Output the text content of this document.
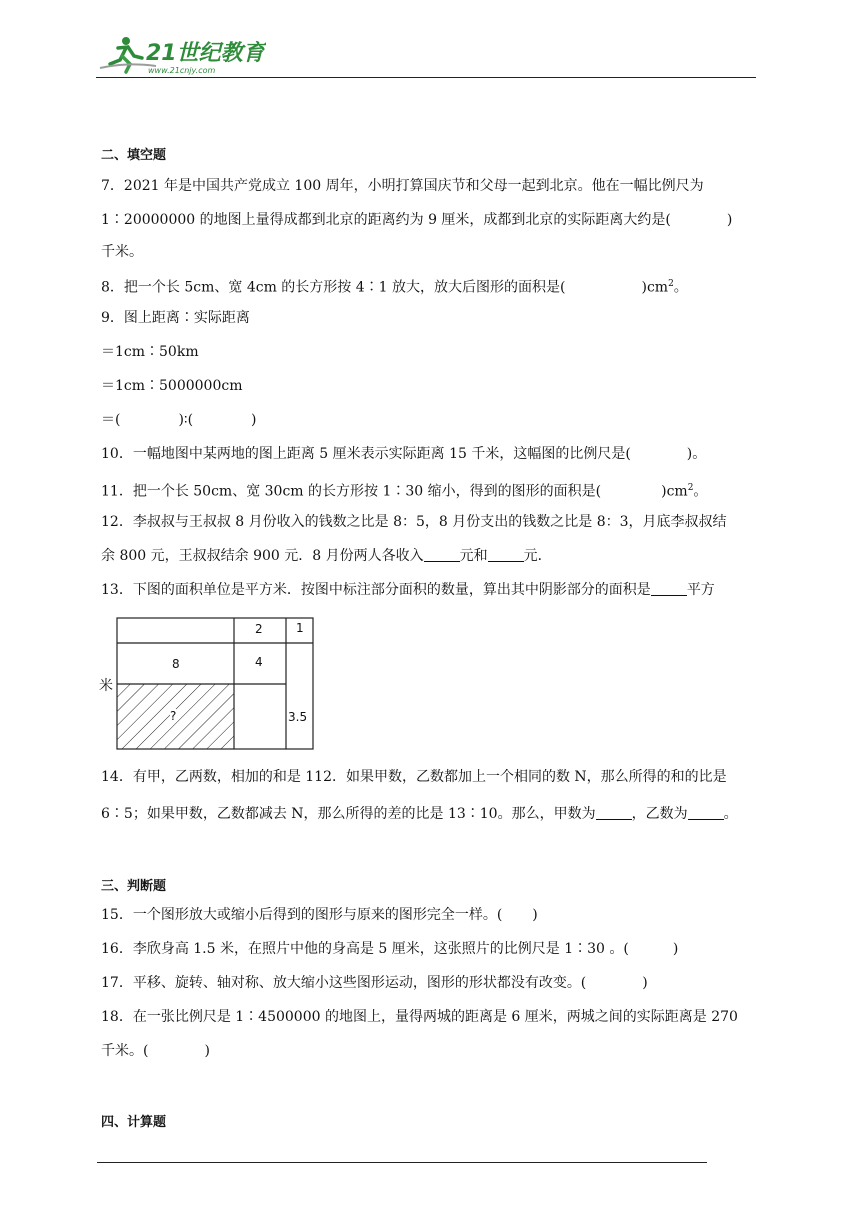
21世纪教育
www.21cnjy.com
二、填空题
7．2021 年是中国共产党成立 100 周年，小明打算国庆节和父母一起到北京。他在一幅比例尺为
1∶20000000 的地图上量得成都到北京的距离约为 9 厘米，成都到北京的实际距离大约是(	)
千米。
8．把一个长 5cm、宽 4cm 的长方形按 4∶1 放大，放大后图形的面积是(	)$cm^2$。
9．图上距离∶实际距离
＝1cm∶50km
＝1cm∶5000000cm
＝(	)∶(	)
10．一幅地图中某两地的图上距离 5 厘米表示实际距离 15 千米，这幅图的比例尺是(	)。
11．把一个长 50cm、宽 30cm 的长方形按 1∶30 缩小，得到的图形的面积是(	)$cm^2$。
12．李叔叔与王叔叔 8 月份收入的钱数之比是 8：5，8 月份支出的钱数之比是 8：3，月底李叔叔结
余 800 元，王叔叔结余 900 元．8 月份两人各收入	元和	元．
13．下图的面积单位是平方米．按图中标注部分面积的数量，算出其中阴影部分的面积是	平方
2	1
8	4
?	3.5
米
14．有甲，乙两数，相加的和是 112．如果甲数，乙数都加上一个相同的数 N，那么所得的和的比是
6∶5；如果甲数，乙数都减去 N，那么所得的差的比是 13∶10。那么，甲数为	，乙数为	。
三、判断题
15．一个图形放大或缩小后得到的图形与原来的图形完全一样。( )
16．李欣身高 1.5 米，在照片中他的身高是 5 厘米，这张照片的比例尺是 1∶30 。(	)
17．平移、旋转、轴对称、放大缩小这些图形运动，图形的形状都没有改变。(	)
18．在一张比例尺是 1∶4500000 的地图上，量得两城的距离是 6 厘米，两城之间的实际距离是 270
千米。(	)
四、计算题
